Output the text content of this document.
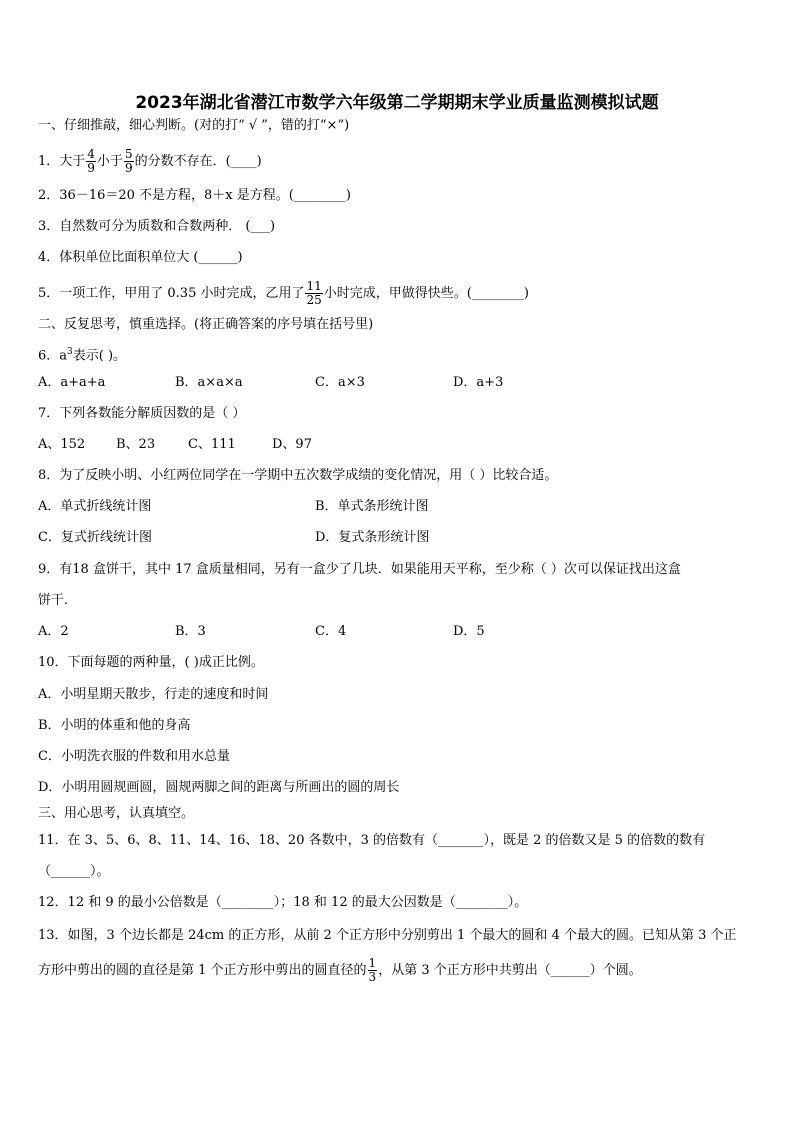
2023年湖北省潜江市数学六年级第二学期期末学业质量监测模拟试题
一、仔细推敲，细心判断。(对的打“ √ ”，错的打“×”)
1．大于 $\frac{4}{9}$ 小于 $\frac{5}{9}$ 的分数不存在．(____)
2．36－16＝20 不是方程，8＋x 是方程。(________)
3．自然数可分为质数和合数两种． (___)
4．体积单位比面积单位大 (______)
5．一项工作，甲用了 0.35 小时完成，乙用了 $\frac{11}{25}$ 小时完成，甲做得快些。(________)
二、反复思考，慎重选择。(将正确答案的序号填在括号里)
6．$a^3$表示( )。
A．a+a+a	B．a×a×a	C．a×3	D．a+3
7．下列各数能分解质因数的是（ ）
A、152 B、23	C、111	D、97
8．为了反映小明、小红两位同学在一学期中五次数学成绩的变化情况，用（ ）比较合适。
A．单式折线统计图	B．单式条形统计图
C．复式折线统计图	D．复式条形统计图
9．有18 盒饼干，其中 17 盒质量相同，另有一盒少了几块．如果能用天平称，至少称（ ）次可以保证找出这盒
饼干.
A．2	B．3	C．4	D．5
10．下面每题的两种量，( )成正比例。
A．小明星期天散步，行走的速度和时间
B．小明的体重和他的身高
C．小明洗衣服的件数和用水总量
D．小明用圆规画圆，圆规两脚之间的距离与所画出的圆的周长
三、用心思考，认真填空。
11．在 3、5、6、8、11、14、16、18、20 各数中，3 的倍数有（_______），既是 2 的倍数又是 5 的倍数的数有
（______）。
12．12 和 9 的最小公倍数是（________）；18 和 12 的最大公因数是（________）。
13．如图，3 个边长都是 24cm 的正方形，从前 2 个正方形中分别剪出 1 个最大的圆和 4 个最大的圆。已知从第 3 个正
方形中剪出的圆的直径是第 1 个正方形中剪出的圆直径的 $\frac{1}{3}$ ，从第 3 个正方形中共剪出（______）个圆。
